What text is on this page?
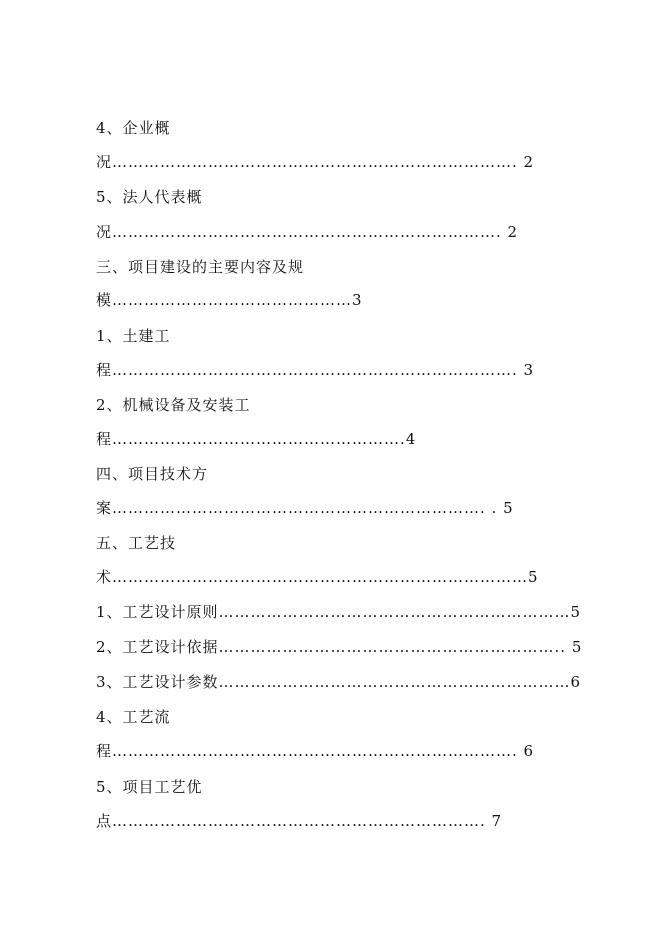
4、企业概
况…………………………………………………………………. 2
5、法人代表概
况………………………………………………………………. 2
三、项目建设的主要内容及规
模………………………………………3
1、土建工
程…………………………………………………………………. 3
2、机械设备及安装工
程……………………………………………….4
四、项目技术方
案……………………………………………………………. . 5
五、工艺技
术……………………………………………………………………5
1、工艺设计原则…………………………………………………………5
2、工艺设计依据……………………………………………………….. 5
3、工艺设计参数…………………………………………………………6
4、工艺流
程…………………………………………………………………. 6
5、项目工艺优
点……………………………………………………………. 7
